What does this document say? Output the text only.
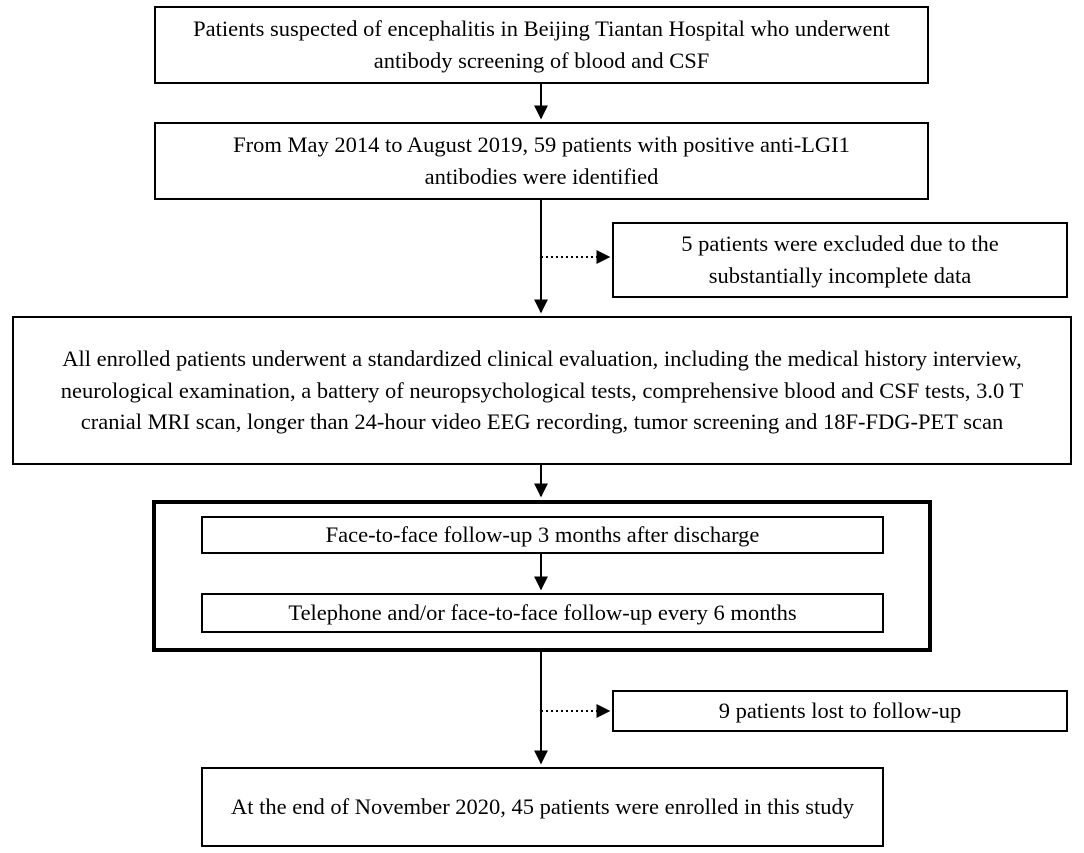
Patients suspected of encephalitis in Beijing Tiantan Hospital who underwent antibody screening of blood and CSF
From May 2014 to August 2019, 59 patients with positive anti-LGI1 antibodies were identified
5 patients were excluded due to the substantially incomplete data
All enrolled patients underwent a standardized clinical evaluation, including the medical history interview, neurological examination, a battery of neuropsychological tests, comprehensive blood and CSF tests, 3.0 T cranial MRI scan, longer than 24-hour video EEG recording, tumor screening and 18F-FDG-PET scan
Face-to-face follow-up 3 months after discharge
Telephone and/or face-to-face follow-up every 6 months
9 patients lost to follow-up
At the end of November 2020, 45 patients were enrolled in this study
